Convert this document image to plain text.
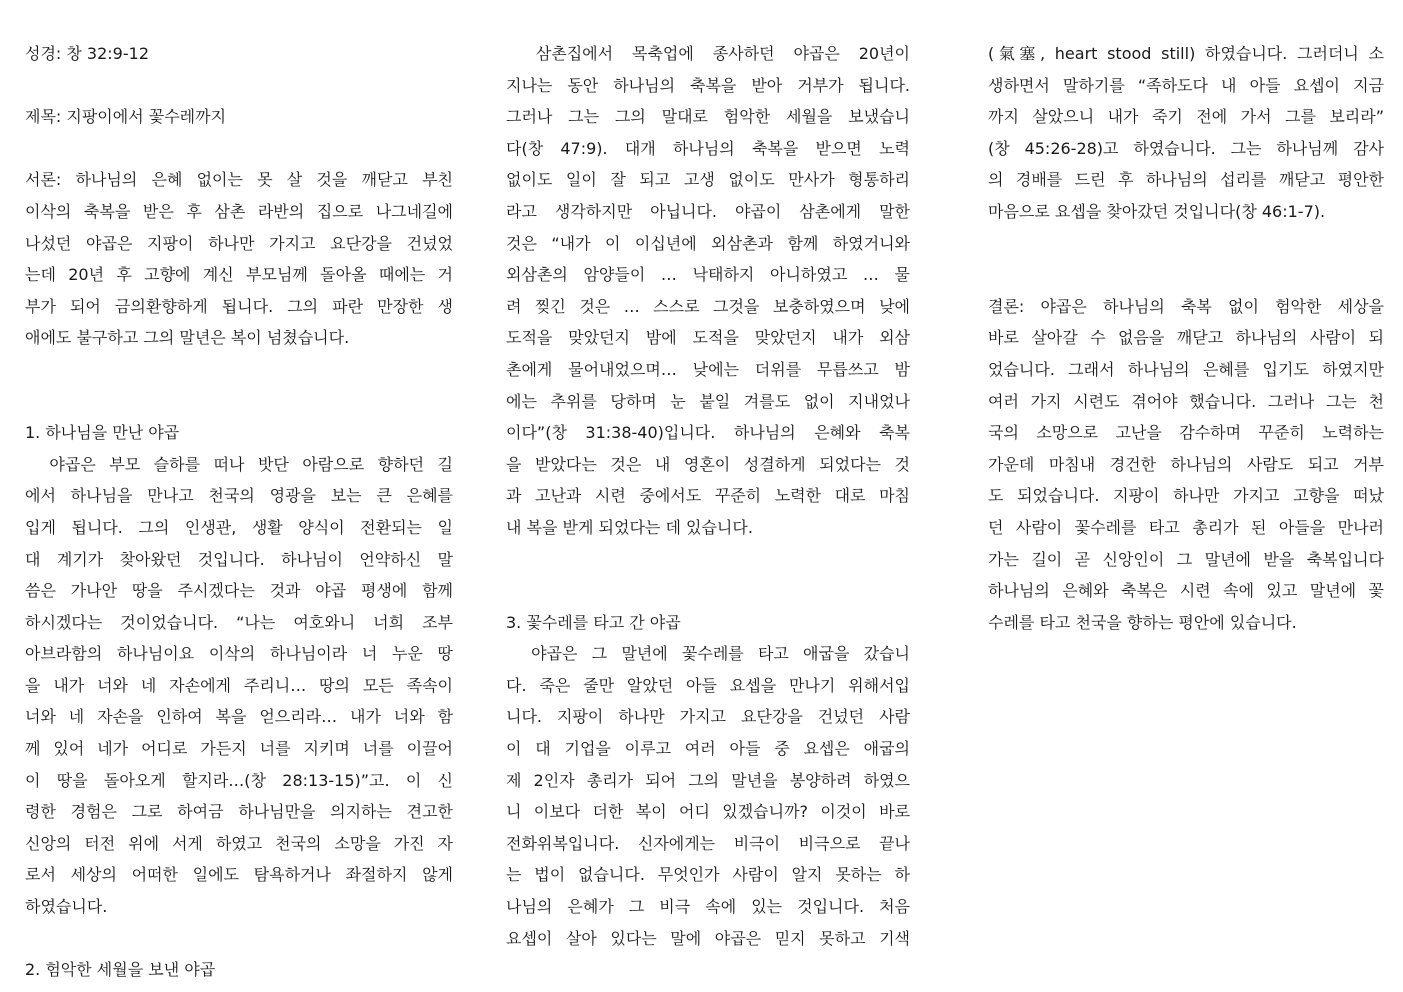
성경: 창 32:9-12
제목: 지팡이에서 꽃수레까지
서론: 하나님의 은혜 없이는 못 살 것을 깨닫고 부친
이삭의 축복을 받은 후 삼촌 라반의 집으로 나그네길에
나섰던 야곱은 지팡이 하나만 가지고 요단강을 건넜었
는데 20년 후 고향에 계신 부모님께 돌아올 때에는 거
부가 되어 금의환향하게 됩니다. 그의 파란 만장한 생
애에도 불구하고 그의 말년은 복이 넘쳤습니다.
1. 하나님을 만난 야곱
　야곱은 부모 슬하를 떠나 밧단 아람으로 향하던 길
에서 하나님을 만나고 천국의 영광을 보는 큰 은혜를
입게 됩니다. 그의 인생관, 생활 양식이 전환되는 일
대 계기가 찾아왔던 것입니다. 하나님이 언약하신 말
씀은 가나안 땅을 주시겠다는 것과 야곱 평생에 함께
하시겠다는 것이었습니다. “나는 여호와니 너희 조부
아브라함의 하나님이요 이삭의 하나님이라 너 누운 땅
을 내가 너와 네 자손에게 주리니… 땅의 모든 족속이
너와 네 자손을 인하여 복을 얻으리라… 내가 너와 함
께 있어 네가 어디로 가든지 너를 지키며 너를 이끌어
이 땅을 돌아오게 할지라…(창 28:13-15)”고. 이 신
령한 경험은 그로 하여금 하나님만을 의지하는 견고한
신앙의 터전 위에 서게 하였고 천국의 소망을 가진 자
로서 세상의 어떠한 일에도 탐욕하거나 좌절하지 않게
하였습니다.
2. 험악한 세월을 보낸 야곱
　삼촌집에서 목축업에 종사하던 야곱은 20년이
지나는 동안 하나님의 축복을 받아 거부가 됩니다.
그러나 그는 그의 말대로 험악한 세월을 보냈습니
다(창 47:9). 대개 하나님의 축복을 받으면 노력
없이도 일이 잘 되고 고생 없이도 만사가 형통하리
라고 생각하지만 아닙니다. 야곱이 삼촌에게 말한
것은 “내가 이 이십년에 외삼촌과 함께 하였거니와
외삼촌의 암양들이 … 낙태하지 아니하였고 … 물
려 찢긴 것은 … 스스로 그것을 보충하였으며 낮에
도적을 맞았던지 밤에 도적을 맞았던지 내가 외삼
촌에게 물어내었으며… 낮에는 더위를 무릅쓰고 밤
에는 추위를 당하며 눈 붙일 겨를도 없이 지내었나
이다”(창 31:38-40)입니다. 하나님의 은혜와 축복
을 받았다는 것은 내 영혼이 성결하게 되었다는 것
과 고난과 시련 중에서도 꾸준히 노력한 대로 마침
내 복을 받게 되었다는 데 있습니다.
3. 꽃수레를 타고 간 야곱
　야곱은 그 말년에 꽃수레를 타고 애굽을 갔습니
다. 죽은 줄만 알았던 아들 요셉을 만나기 위해서입
니다. 지팡이 하나만 가지고 요단강을 건넜던 사람
이 대 기업을 이루고 여러 아들 중 요셉은 애굽의
제 2인자 총리가 되어 그의 말년을 봉양하려 하였으
니 이보다 더한 복이 어디 있겠습니까? 이것이 바로
전화위복입니다. 신자에게는 비극이 비극으로 끝나
는 법이 없습니다. 무엇인가 사람이 알지 못하는 하
나님의 은혜가 그 비극 속에 있는 것입니다. 처음
요셉이 살아 있다는 말에 야곱은 믿지 못하고 기색
(氣塞, heart stood still) 하였습니다. 그러더니 소
생하면서 말하기를 “족하도다 내 아들 요셉이 지금
까지 살았으니 내가 죽기 전에 가서 그를 보리라”
(창 45:26-28)고 하였습니다. 그는 하나님께 감사
의 경배를 드린 후 하나님의 섭리를 깨닫고 평안한
마음으로 요셉을 찾아갔던 것입니다(창 46:1-7).
결론: 야곱은 하나님의 축복 없이 험악한 세상을
바로 살아갈 수 없음을 깨닫고 하나님의 사람이 되
었습니다. 그래서 하나님의 은혜를 입기도 하였지만
여러 가지 시련도 겪어야 했습니다. 그러나 그는 천
국의 소망으로 고난을 감수하며 꾸준히 노력하는
가운데 마침내 경건한 하나님의 사람도 되고 거부
도 되었습니다. 지팡이 하나만 가지고 고향을 떠났
던 사람이 꽃수레를 타고 총리가 된 아들을 만나러
가는 길이 곧 신앙인이 그 말년에 받을 축복입니다
하나님의 은혜와 축복은 시련 속에 있고 말년에 꽃
수레를 타고 천국을 향하는 평안에 있습니다.
